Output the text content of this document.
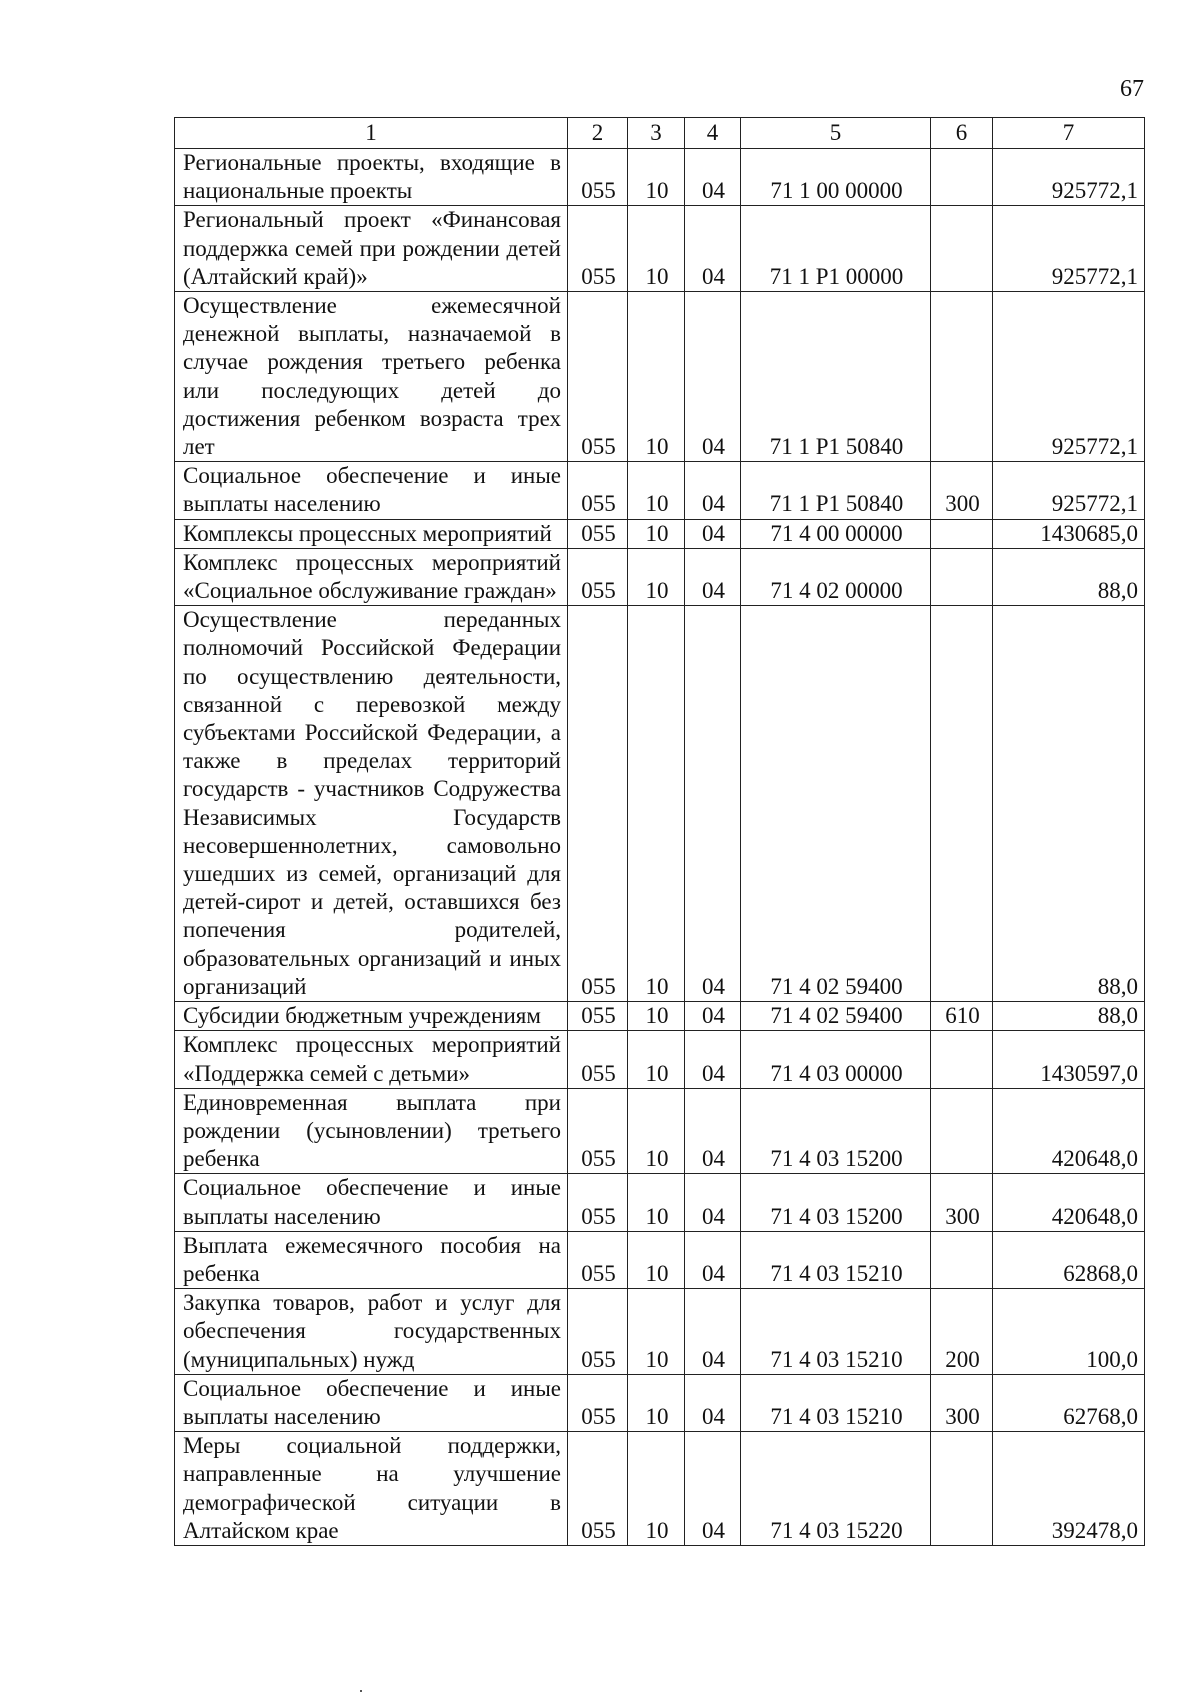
67
1	2	3	4	5	6	7
Региональные проекты, входящие в национальные проекты	055	10	04	71 1 00 00000		925772,1
Региональный проект «Финансовая поддержка семей при рождении детей (Алтайский край)»	055	10	04	71 1 P1 00000		925772,1
Осуществление ежемесячной денежной выплаты, назначаемой в случае рождения третьего ребенка или последующих детей до достижения ребенком возраста трех лет	055	10	04	71 1 P1 50840		925772,1
Социальное обеспечение и иные выплаты населению	055	10	04	71 1 P1 50840	300	925772,1
Комплексы процессных мероприятий	055	10	04	71 4 00 00000		1430685,0
Комплекс процессных мероприятий «Социальное обслуживание граждан»	055	10	04	71 4 02 00000		88,0
Осуществление переданных полномочий Российской Федерации по осуществлению деятельности, связанной с перевозкой между субъектами Российской Федерации, а также в пределах территорий государств - участников Содружества Независимых Государств несовершеннолетних, самовольно ушедших из семей, организаций для детей-сирот и детей, оставшихся без попечения родителей, образовательных организаций и иных организаций	055	10	04	71 4 02 59400		88,0
Субсидии бюджетным учреждениям	055	10	04	71 4 02 59400	610	88,0
Комплекс процессных мероприятий «Поддержка семей с детьми»	055	10	04	71 4 03 00000		1430597,0
Единовременная выплата при рождении (усыновлении) третьего ребенка	055	10	04	71 4 03 15200		420648,0
Социальное обеспечение и иные выплаты населению	055	10	04	71 4 03 15200	300	420648,0
Выплата ежемесячного пособия на ребенка	055	10	04	71 4 03 15210		62868,0
Закупка товаров, работ и услуг для обеспечения государственных (муниципальных) нужд	055	10	04	71 4 03 15210	200	100,0
Социальное обеспечение и иные выплаты населению	055	10	04	71 4 03 15210	300	62768,0
Меры социальной поддержки, направленные на улучшение демографической ситуации в Алтайском крае	055	10	04	71 4 03 15220		392478,0
